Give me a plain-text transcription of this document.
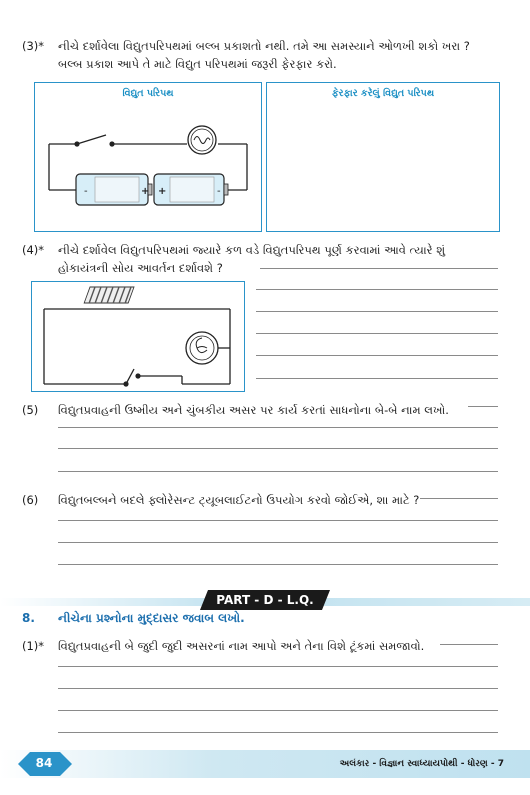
(3)* નીચે દર્શાવેલા વિદ્યુતપરિપથમાં બલ્બ પ્રકાશતો નથી. તમે આ સમસ્યાને ઓળખી શકો ખરા ?
બલ્બ પ્રકાશ આપે તે માટે વિદ્યુત પરિપથમાં જરૂરી ફેરફાર કરો.
વિદ્યુત પરિપથ
-	+ +	-
ફેરફાર કરેલું વિદ્યુત પરિપથ
(4)* નીચે દર્શાવેલ વિદ્યુતપરિપથમાં જ્યારે કળ વડે વિદ્યુતપરિપથ પૂર્ણ કરવામાં આવે ત્યારે શું
હોકાયંત્રની સોય આવર્તન દર્શાવશે ?
(5) વિદ્યુતપ્રવાહની ઉષ્મીય અને ચુંબકીય અસર પર કાર્ય કરતાં સાધનોના બે-બે નામ લખો.
(6) વિદ્યુતબલ્બને બદલે ફ્લોરેસન્ટ ટ્યૂબલાઈટનો ઉપયોગ કરવો જોઈએ, શા માટે ?
PART - D - L.Q.
8. નીચેના પ્રશ્નોના મુદ્દાસર જવાબ લખો.
(1)* વિદ્યુતપ્રવાહની બે જુદી જુદી અસરનાં નામ આપો અને તેના વિશે ટૂંકમાં સમજાવો.
84	અલંકાર - વિજ્ઞાન સ્વાધ્યાયપોથી - ધોરણ - 7
